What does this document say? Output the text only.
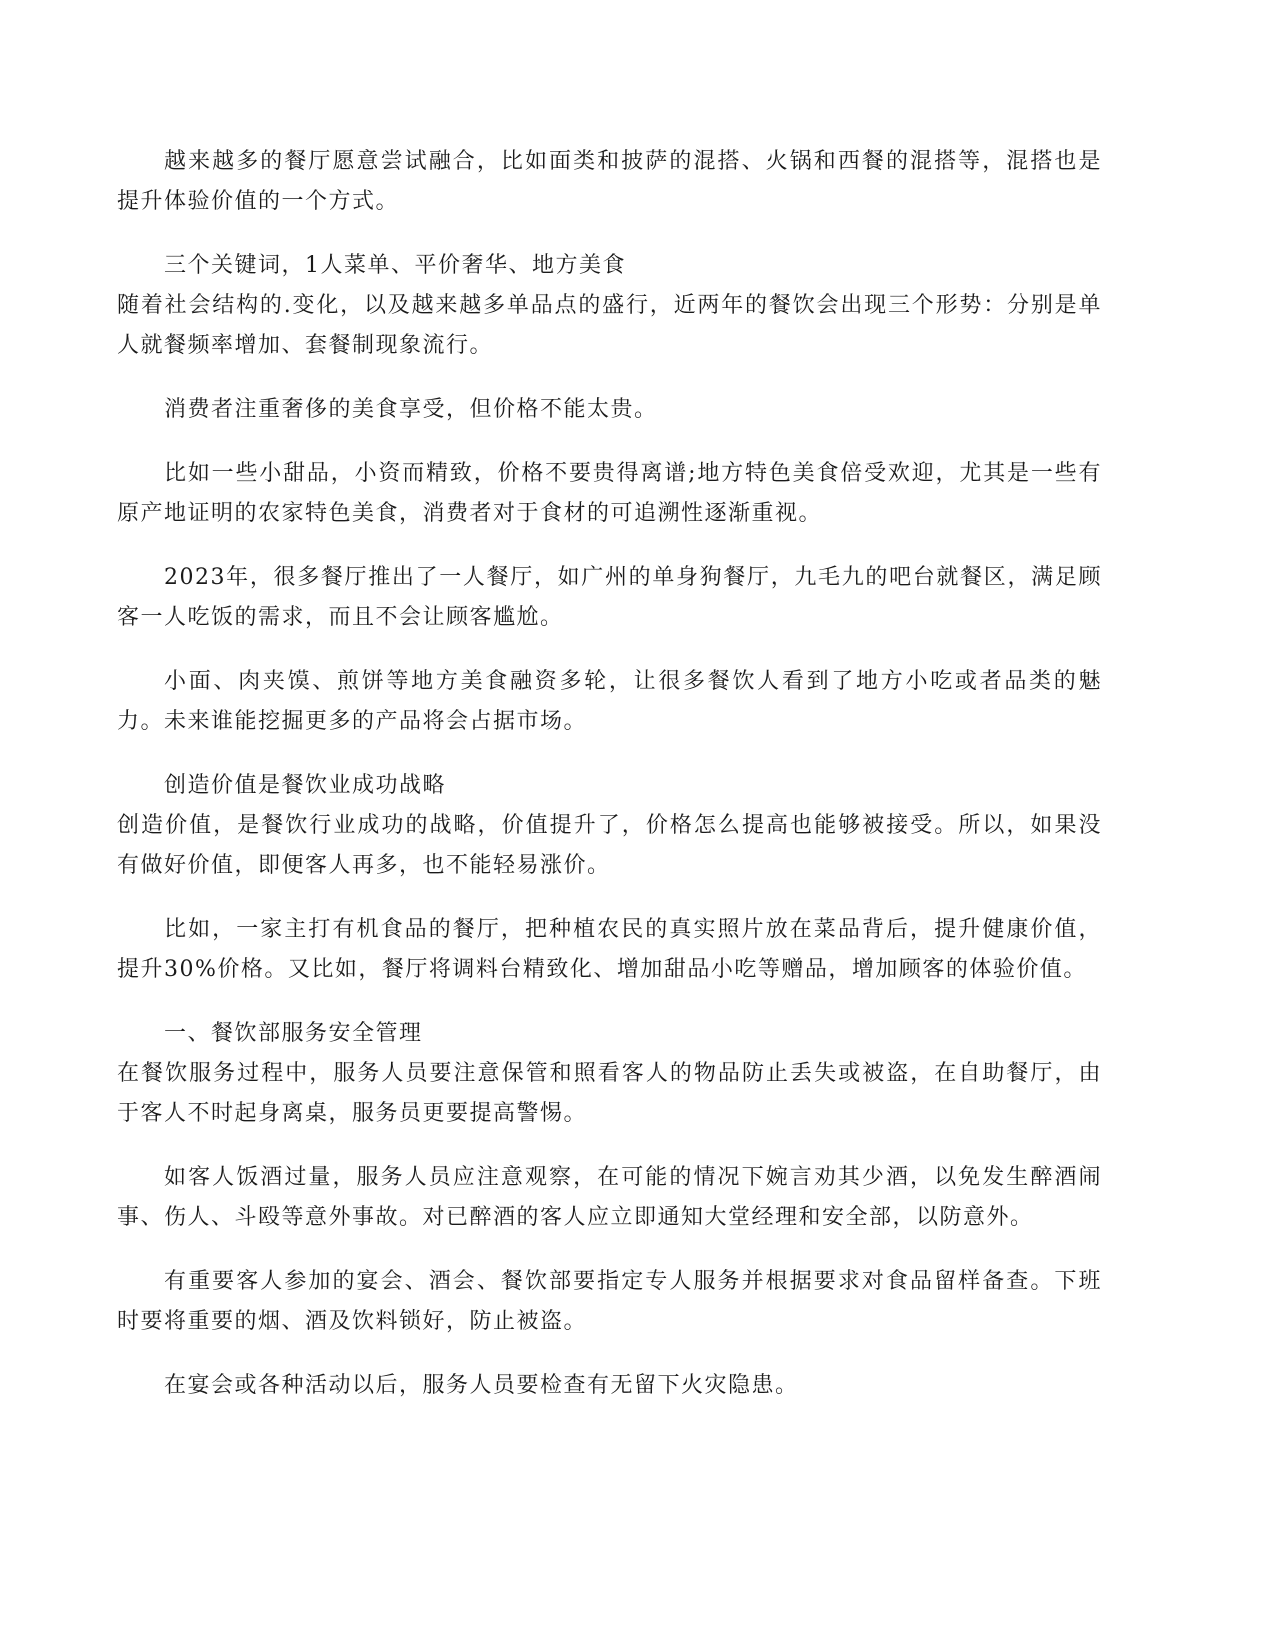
越来越多的餐厅愿意尝试融合，比如面类和披萨的混搭、火锅和西餐的混搭等，混搭也是提升体验价值的一个方式。

三个关键词，1人菜单、平价奢华、地方美食

随着社会结构的.变化，以及越来越多单品点的盛行，近两年的餐饮会出现三个形势：分别是单人就餐频率增加、套餐制现象流行。

消费者注重奢侈的美食享受，但价格不能太贵。

比如一些小甜品，小资而精致，价格不要贵得离谱;地方特色美食倍受欢迎，尤其是一些有原产地证明的农家特色美食，消费者对于食材的可追溯性逐渐重视。

2023年，很多餐厅推出了一人餐厅，如广州的单身狗餐厅，九毛九的吧台就餐区，满足顾客一人吃饭的需求，而且不会让顾客尴尬。

小面、肉夹馍、煎饼等地方美食融资多轮，让很多餐饮人看到了地方小吃或者品类的魅力。未来谁能挖掘更多的产品将会占据市场。

创造价值是餐饮业成功战略

创造价值，是餐饮行业成功的战略，价值提升了，价格怎么提高也能够被接受。所以，如果没有做好价值，即便客人再多，也不能轻易涨价。

比如，一家主打有机食品的餐厅，把种植农民的真实照片放在菜品背后，提升健康价值，提升30%价格。又比如，餐厅将调料台精致化、增加甜品小吃等赠品，增加顾客的体验价值。

一、餐饮部服务安全管理

在餐饮服务过程中，服务人员要注意保管和照看客人的物品防止丢失或被盗，在自助餐厅，由于客人不时起身离桌，服务员更要提高警惕。

如客人饭酒过量，服务人员应注意观察，在可能的情况下婉言劝其少酒，以免发生醉酒闹事、伤人、斗殴等意外事故。对已醉酒的客人应立即通知大堂经理和安全部，以防意外。

有重要客人参加的宴会、酒会、餐饮部要指定专人服务并根据要求对食品留样备查。下班时要将重要的烟、酒及饮料锁好，防止被盗。

在宴会或各种活动以后，服务人员要检查有无留下火灾隐患。
